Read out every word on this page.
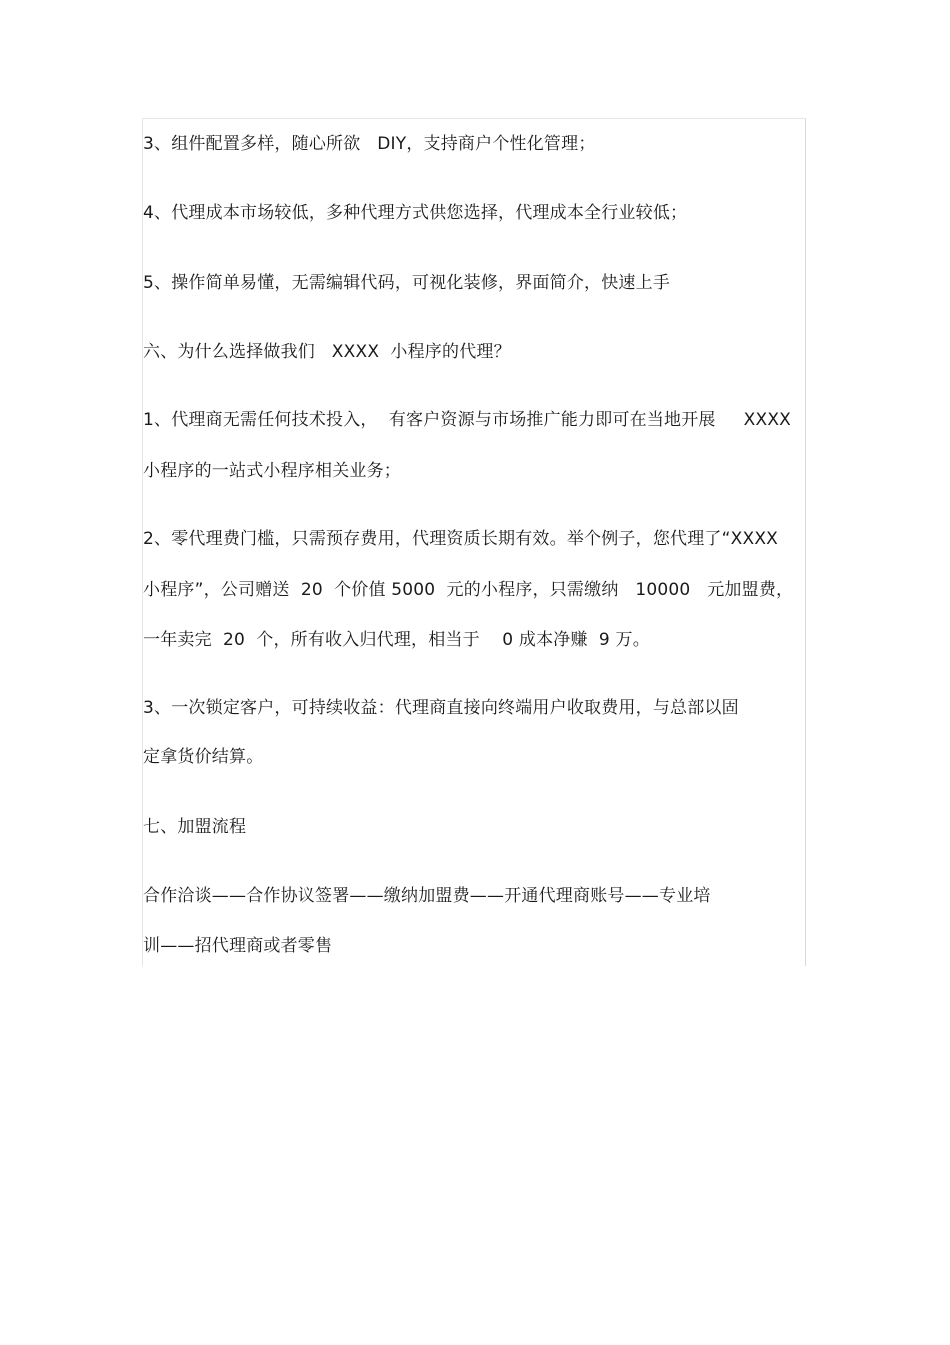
3、组件配置多样，随心所欲   DIY，支持商户个性化管理；
4、代理成本市场较低，多种代理方式供您选择，代理成本全行业较低；
5、操作简单易懂，无需编辑代码，可视化装修，界面简介，快速上手
六、为什么选择做我们   XXXX  小程序的代理？
1、代理商无需任何技术投入，  有客户资源与市场推广能力即可在当地开展     XXXX
小程序的一站式小程序相关业务；
2、零代理费门槛，只需预存费用，代理资质长期有效。举个例子，您代理了“XXXX
小程序”，公司赠送  20  个价值 5000  元的小程序，只需缴纳   10000   元加盟费，
一年卖完  20  个，所有收入归代理，相当于    0 成本净赚  9 万。
3、一次锁定客户，可持续收益：代理商直接向终端用户收取费用，与总部以固
定拿货价结算。
七、加盟流程
合作洽谈——合作协议签署——缴纳加盟费——开通代理商账号——专业培
训——招代理商或者零售
